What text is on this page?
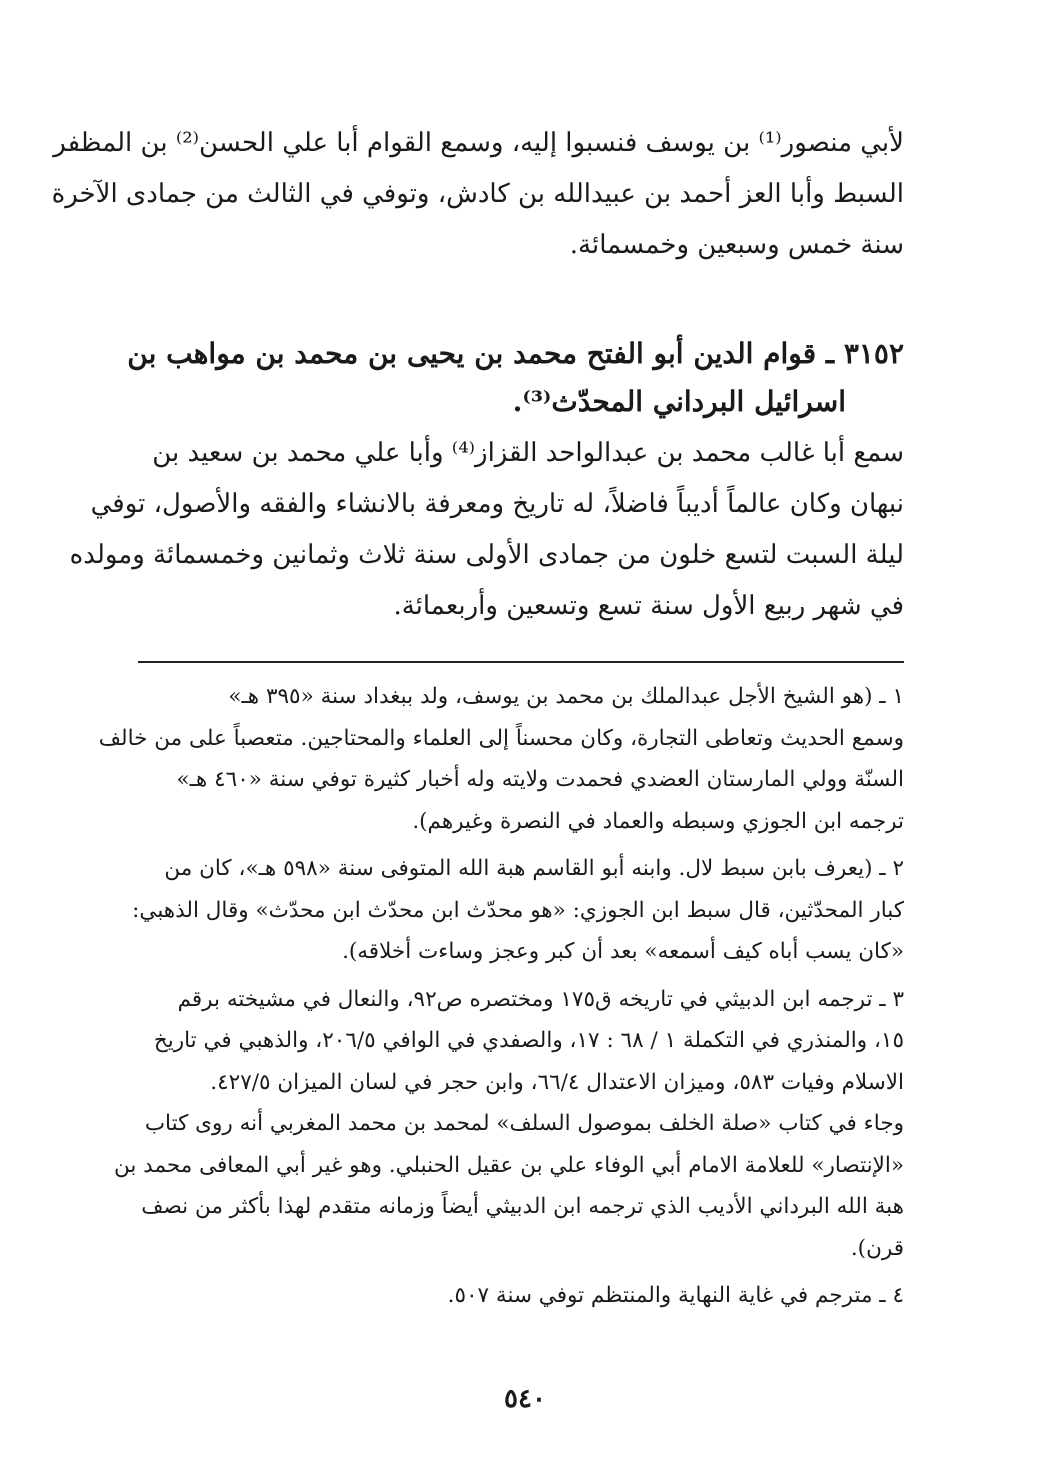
لأبي منصور⁽¹⁾ بن يوسف فنسبوا إليه، وسمع القوام أبا علي الحسن⁽²⁾ بن المظفر
السبط وأبا العز أحمد بن عبيدالله بن كادش، وتوفي في الثالث من جمادى الآخرة
سنة خمس وسبعين وخمسمائة.
٣١٥٢ ـ قوام الدين أبو الفتح محمد بن يحيى بن محمد بن مواهب بن
اسرائيل البرداني المحدّث⁽³⁾.
سمع أبا غالب محمد بن عبدالواحد القزاز⁽⁴⁾ وأبا علي محمد بن سعيد بن
نبهان وكان عالماً أديباً فاضلاً، له تاريخ ومعرفة بالانشاء والفقه والأصول، توفي
ليلة السبت لتسع خلون من جمادى الأولى سنة ثلاث وثمانين وخمسمائة ومولده
في شهر ربيع الأول سنة تسع وتسعين وأربعمائة.
١ ـ (هو الشيخ الأجل عبدالملك بن محمد بن يوسف، ولد ببغداد سنة «٣٩٥ هـ»
وسمع الحديث وتعاطى التجارة، وكان محسناً إلى العلماء والمحتاجين. متعصباً على من خالف
السنّة وولي المارستان العضدي فحمدت ولايته وله أخبار كثيرة توفي سنة «٤٦٠ هـ»
ترجمه ابن الجوزي وسبطه والعماد في النصرة وغيرهم).
٢ ـ (يعرف بابن سبط لال. وابنه أبو القاسم هبة الله المتوفى سنة «٥٩٨ هـ»، كان من
كبار المحدّثين، قال سبط ابن الجوزي: «هو محدّث ابن محدّث ابن محدّث» وقال الذهبي:
«كان يسب أباه كيف أسمعه» بعد أن كبر وعجز وساءت أخلاقه).
٣ ـ ترجمه ابن الدبيثي في تاريخه ق١٧٥ ومختصره ص٩٢، والنعال في مشيخته برقم
١٥، والمنذري في التكملة ١ / ٦٨ : ١٧، والصفدي في الوافي ٢٠٦/٥، والذهبي في تاريخ
الاسلام وفيات ٥٨٣، وميزان الاعتدال ٦٦/٤، وابن حجر في لسان الميزان ٤٢٧/٥.
وجاء في كتاب «صلة الخلف بموصول السلف» لمحمد بن محمد المغربي أنه روى كتاب
«الإنتصار» للعلامة الامام أبي الوفاء علي بن عقيل الحنبلي. وهو غير أبي المعافى محمد بن
هبة الله البرداني الأديب الذي ترجمه ابن الدبيثي أيضاً وزمانه متقدم لهذا بأكثر من نصف
قرن).
٤ ـ مترجم في غاية النهاية والمنتظم توفي سنة ٥٠٧.
٥٤٠
